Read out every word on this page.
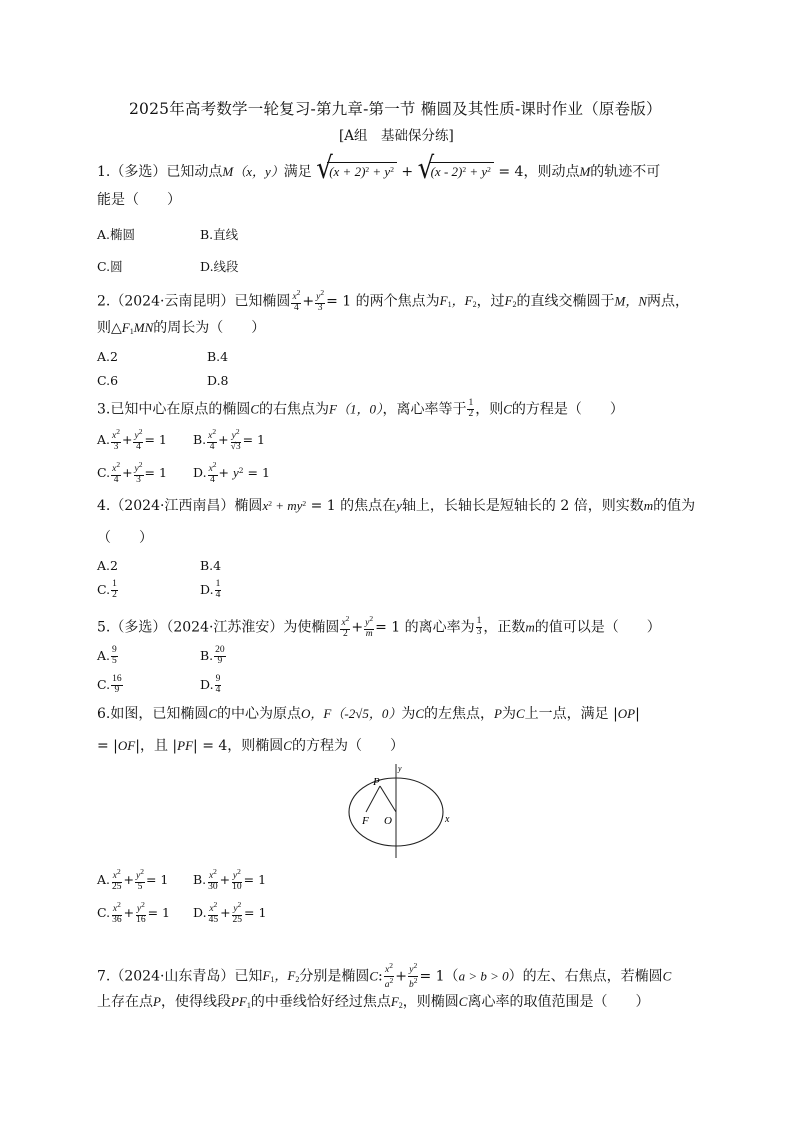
2025年高考数学一轮复习-第九章-第一节 椭圆及其性质-课时作业（原卷版）
[A组　基础保分练]
1.（多选）已知动点M（x，y）满足 √
$(x + 2)^2 + y^2$ + √
$(x - 2)^2 + y^2 = 4$，则动点M的轨迹不可
能是（　　）
A.椭圆	B.直线
C.圆	D.线段
2.（2024·云南昆明）已知椭圆 $\frac{x^2}{4} + \frac{y^2}{3} = 1$ 的两个焦点为F1，F2，过F2的直线交椭圆于M，N两点，
则△F1MN的周长为（　　）
A.2	B.4
C.6	D.8
3.已知中心在原点的椭圆C的右焦点为F（1，0），离心率等于 $\frac{1}{2}$ ，则C的方程是（　　）
A. $\frac{x^2}{3} + \frac{y^2}{4} = 1$ B. $\frac{x^2}{4} + \frac{y^2}{√3} = 1$
C. $\frac{x^2}{4} + \frac{y^2}{3} = 1$ D. $\frac{x^2}{4} + y^2 = 1$
4.（2024·江西南昌）椭圆$x^2 + my^2 = 1$ 的焦点在y轴上，长轴长是短轴长的 2 倍，则实数m的值为
（　　）
A.2	B.4
C. $\frac{1}{2}$	D. $\frac{1}{4}$
5.（多选）（2024·江苏淮安）为使椭圆 $\frac{x^2}{2} + \frac{y^2}{m} = 1$ 的离心率为 $\frac{1}{3}$ ，正数m的值可以是（　　）
A. $\frac{9}{5}$	B. $\frac{20}{9}$
C. $\frac{16}{9}$	D. $\frac{9}{4}$
6.如图，已知椭圆C的中心为原点O，F（-2√5，0）为C的左焦点，P为C上一点，满足 |OP|
= |OF|，且 |PF| = 4，则椭圆C的方程为（　　）
P
F O	x
y
A. $\frac{x^2}{25} + \frac{y^2}{5} = 1$ B. $\frac{x^2}{30} + \frac{y^2}{10} = 1$
C. $\frac{x^2}{36} + \frac{y^2}{16} = 1$ D. $\frac{x^2}{45} + \frac{y^2}{25} = 1$
7.（2024·山东青岛）已知F1，F2分别是椭圆C: $\frac{x^2}{a^2} + \frac{y^2}{b^2} = 1(a > b > 0)$的左、右焦点，若椭圆C
上存在点P，使得线段PF1的中垂线恰好经过焦点F2，则椭圆C离心率的取值范围是（　　）
